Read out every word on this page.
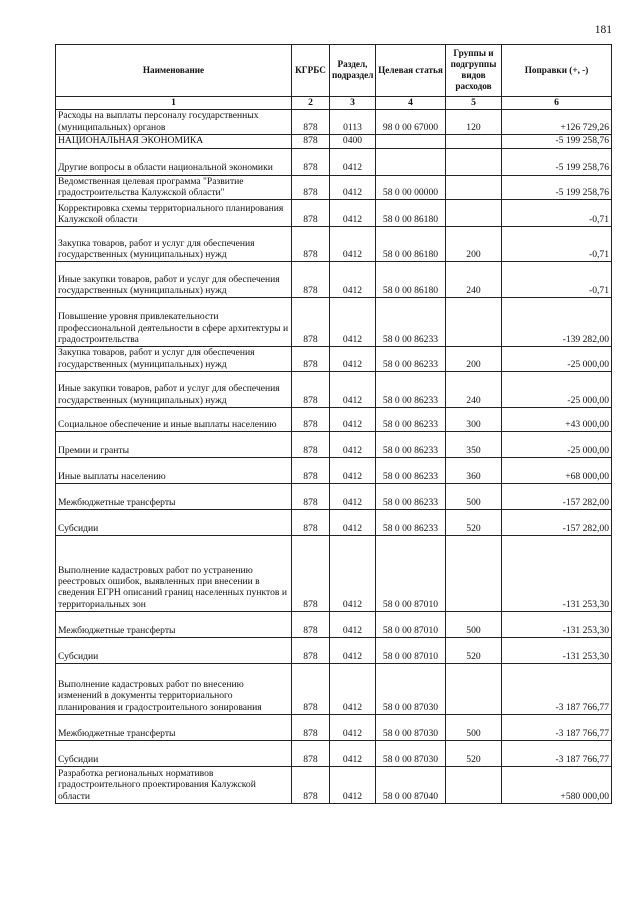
181
Наименование	КГРБС	Раздел, подраздел	Целевая статья	Группы и подгруппы видов расходов	Поправки (+, -)
1	2	3	4	5	6
Расходы на выплаты персоналу государственных (муниципальных) органов	878	0113	98 0 00 67000	120	+126 729,26
НАЦИОНАЛЬНАЯ ЭКОНОМИКА	878	0400			-5 199 258,76
Другие вопросы в области национальной экономики	878	0412			-5 199 258,76
Ведомственная целевая программа "Развитие градостроительства Калужской области"	878	0412	58 0 00 00000		-5 199 258,76
Корректировка схемы территориального планирования Калужской области	878	0412	58 0 00 86180		-0,71
Закупка товаров, работ и услуг для обеспечения государственных (муниципальных) нужд	878	0412	58 0 00 86180	200	-0,71
Иные закупки товаров, работ и услуг для обеспечения государственных (муниципальных) нужд	878	0412	58 0 00 86180	240	-0,71
Повышение уровня привлекательности профессиональной деятельности в сфере архитектуры и градостроительства	878	0412	58 0 00 86233		-139 282,00
Закупка товаров, работ и услуг для обеспечения государственных (муниципальных) нужд	878	0412	58 0 00 86233	200	-25 000,00
Иные закупки товаров, работ и услуг для обеспечения государственных (муниципальных) нужд	878	0412	58 0 00 86233	240	-25 000,00
Социальное обеспечение и иные выплаты населению	878	0412	58 0 00 86233	300	+43 000,00
Премии и гранты	878	0412	58 0 00 86233	350	-25 000,00
Иные выплаты населению	878	0412	58 0 00 86233	360	+68 000,00
Межбюджетные трансферты	878	0412	58 0 00 86233	500	-157 282,00
Субсидии	878	0412	58 0 00 86233	520	-157 282,00
Выполнение кадастровых работ по устранению реестровых ошибок, выявленных при внесении в сведения ЕГРН описаний границ населенных пунктов и территориальных зон	878	0412	58 0 00 87010		-131 253,30
Межбюджетные трансферты	878	0412	58 0 00 87010	500	-131 253,30
Субсидии	878	0412	58 0 00 87010	520	-131 253,30
Выполнение кадастровых работ по внесению изменений в документы территориального планирования и градостроительного зонирования	878	0412	58 0 00 87030		-3 187 766,77
Межбюджетные трансферты	878	0412	58 0 00 87030	500	-3 187 766,77
Субсидии	878	0412	58 0 00 87030	520	-3 187 766,77
Разработка региональных нормативов градостроительного проектирования Калужской области	878	0412	58 0 00 87040		+580 000,00
